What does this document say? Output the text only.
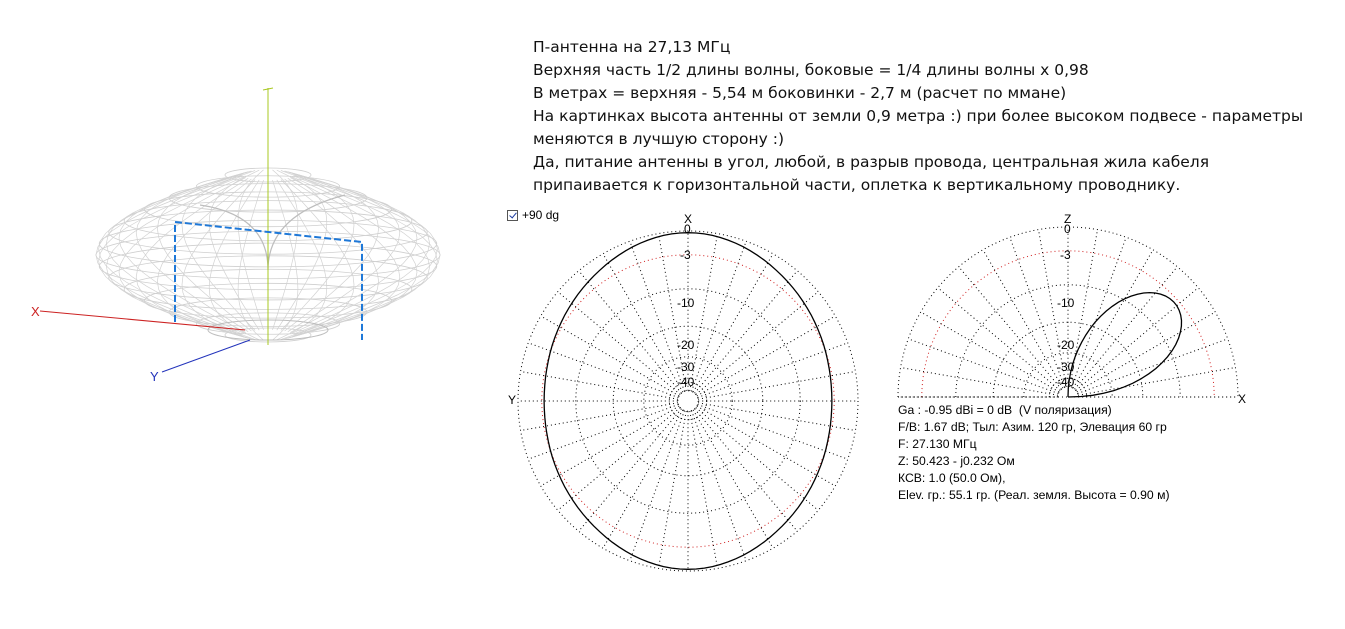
П-антенна на 27,13 МГц
Верхняя часть 1/2 длины волны, боковые = 1/4 длины волны х 0,98
В метрах = верхняя - 5,54 м боковинки - 2,7 м (расчет по ммане)
На картинках высота антенны от земли 0,9 метра :) при более высоком подвесе - параметры
меняются в лучшую сторону :)
Да, питание антенны в угол, любой, в разрыв провода, центральная жила кабеля
припаивается к горизонтальной части, оплетка к вертикальному проводнику.
X
Y
+90 dg	X
Y
0
-3
-10
-20
-30
-40
Z
X
0
-3
-10
-20
-30
-40
Ga : -0.95 dBi = 0 dB  (V поляризация)
F/B: 1.67 dB; Тыл: Азим. 120 гр, Элевация 60 гр
F: 27.130 МГц
Z: 50.423 - j0.232 Ом
КСВ: 1.0 (50.0 Ом),
Elev. гр.: 55.1 гр. (Реал. земля. Высота = 0.90 м)
